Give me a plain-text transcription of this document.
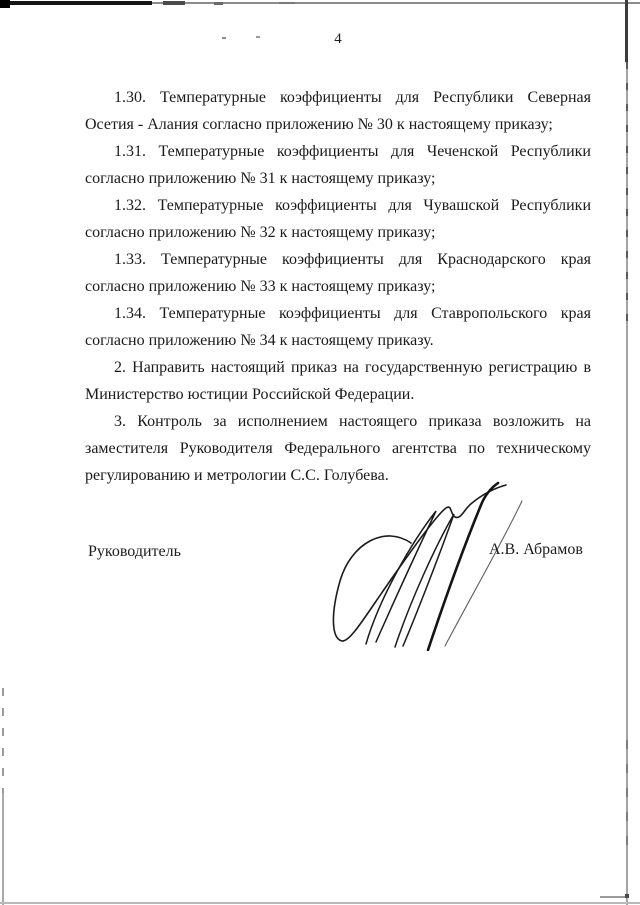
4

1.30. Температурные коэффициенты для Республики Северная Осетия - Алания согласно приложению № 30 к настоящему приказу;

1.31. Температурные коэффициенты для Чеченской Республики согласно приложению № 31 к настоящему приказу;

1.32. Температурные коэффициенты для Чувашской Республики согласно приложению № 32 к настоящему приказу;

1.33. Температурные коэффициенты для Краснодарского края согласно приложению № 33 к настоящему приказу;

1.34. Температурные коэффициенты для Ставропольского края согласно приложению № 34 к настоящему приказу.

2. Направить настоящий приказ на государственную регистрацию в Министерство юстиции Российской Федерации.

3. Контроль за исполнением настоящего приказа возложить на заместителя Руководителя Федерального агентства по техническому регулированию и метрологии С.С. Голубева.

Руководитель	А.В. Абрамов
